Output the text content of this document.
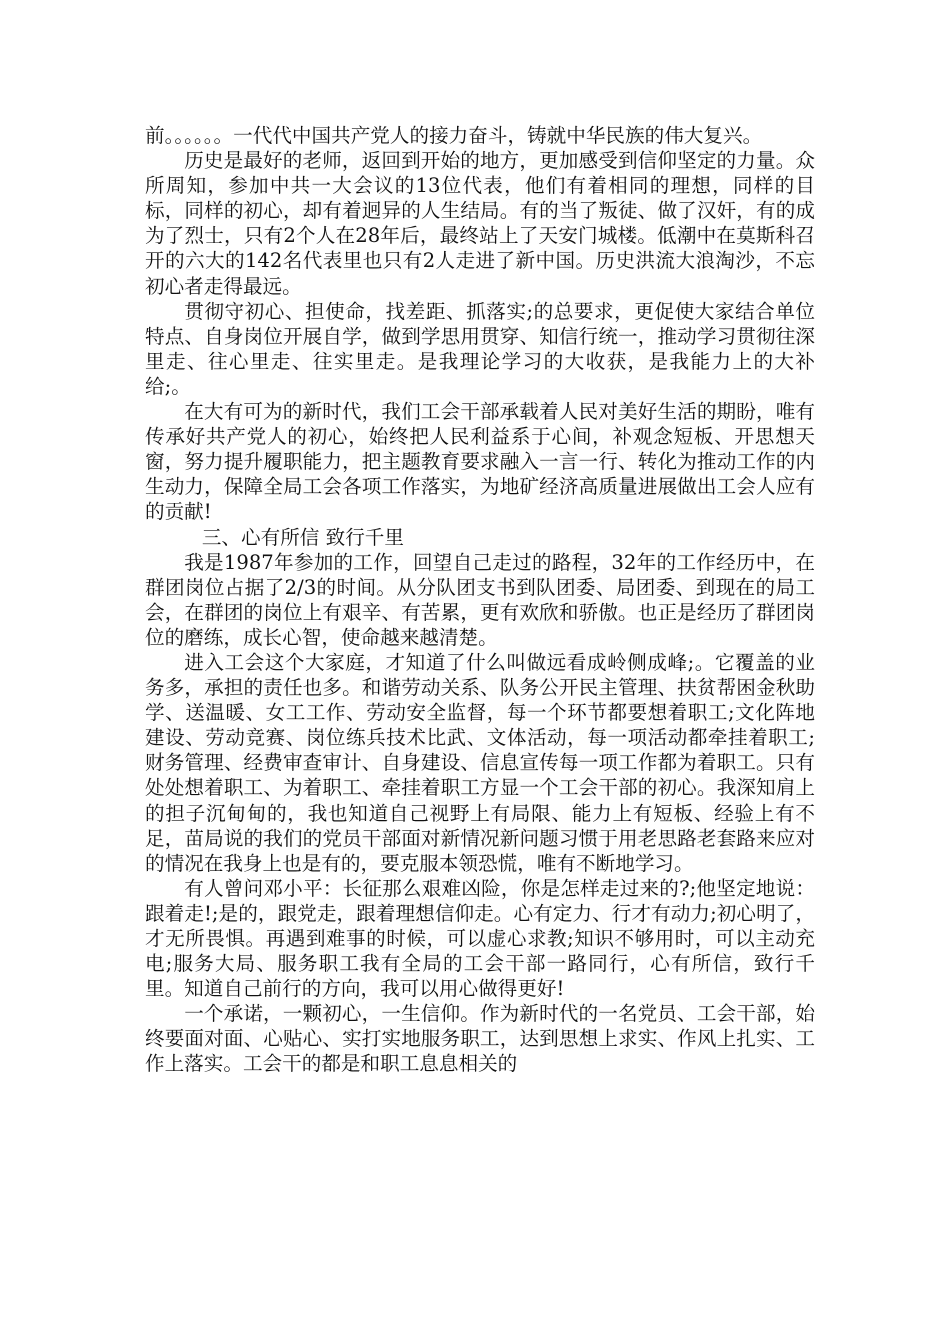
前。。。。。。一代代中国共产党人的接力奋斗，铸就中华民族的伟大复兴。

历史是最好的老师，返回到开始的地方，更加感受到信仰坚定的力量。众所周知，参加中共一大会议的13位代表，他们有着相同的理想，同样的目标，同样的初心，却有着迥异的人生结局。有的当了叛徒、做了汉奸，有的成为了烈士，只有2个人在28年后，最终站上了天安门城楼。低潮中在莫斯科召开的六大的142名代表里也只有2人走进了新中国。历史洪流大浪淘沙，不忘初心者走得最远。

贯彻守初心、担使命，找差距、抓落实;的总要求，更促使大家结合单位特点、自身岗位开展自学，做到学思用贯穿、知信行统一，推动学习贯彻往深里走、往心里走、往实里走。是我理论学习的大收获，是我能力上的大补给;。

在大有可为的新时代，我们工会干部承载着人民对美好生活的期盼，唯有传承好共产党人的初心，始终把人民利益系于心间，补观念短板、开思想天窗，努力提升履职能力，把主题教育要求融入一言一行、转化为推动工作的内生动力，保障全局工会各项工作落实，为地矿经济高质量进展做出工会人应有的贡献!

三、心有所信 致行千里

我是1987年参加的工作，回望自己走过的路程，32年的工作经历中，在群团岗位占据了2/3的时间。从分队团支书到队团委、局团委、到现在的局工会，在群团的岗位上有艰辛、有苦累，更有欢欣和骄傲。也正是经历了群团岗位的磨练，成长心智，使命越来越清楚。

进入工会这个大家庭，才知道了什么叫做远看成岭侧成峰;。它覆盖的业务多，承担的责任也多。和谐劳动关系、队务公开民主管理、扶贫帮困金秋助学、送温暖、女工工作、劳动安全监督，每一个环节都要想着职工;文化阵地建设、劳动竞赛、岗位练兵技术比武、文体活动，每一项活动都牵挂着职工;财务管理、经费审查审计、自身建设、信息宣传每一项工作都为着职工。只有处处想着职工、为着职工、牵挂着职工方显一个工会干部的初心。我深知肩上的担子沉甸甸的，我也知道自己视野上有局限、能力上有短板、经验上有不足，苗局说的我们的党员干部面对新情况新问题习惯于用老思路老套路来应对的情况在我身上也是有的，要克服本领恐慌，唯有不断地学习。

有人曾问邓小平：长征那么艰难凶险，你是怎样走过来的?;他坚定地说：跟着走!;是的，跟党走，跟着理想信仰走。心有定力、行才有动力;初心明了，才无所畏惧。再遇到难事的时候，可以虚心求教;知识不够用时，可以主动充电;服务大局、服务职工我有全局的工会干部一路同行，心有所信，致行千里。知道自己前行的方向，我可以用心做得更好!

一个承诺，一颗初心，一生信仰。作为新时代的一名党员、工会干部，始终要面对面、心贴心、实打实地服务职工，达到思想上求实、作风上扎实、工作上落实。工会干的都是和职工息息相关的
